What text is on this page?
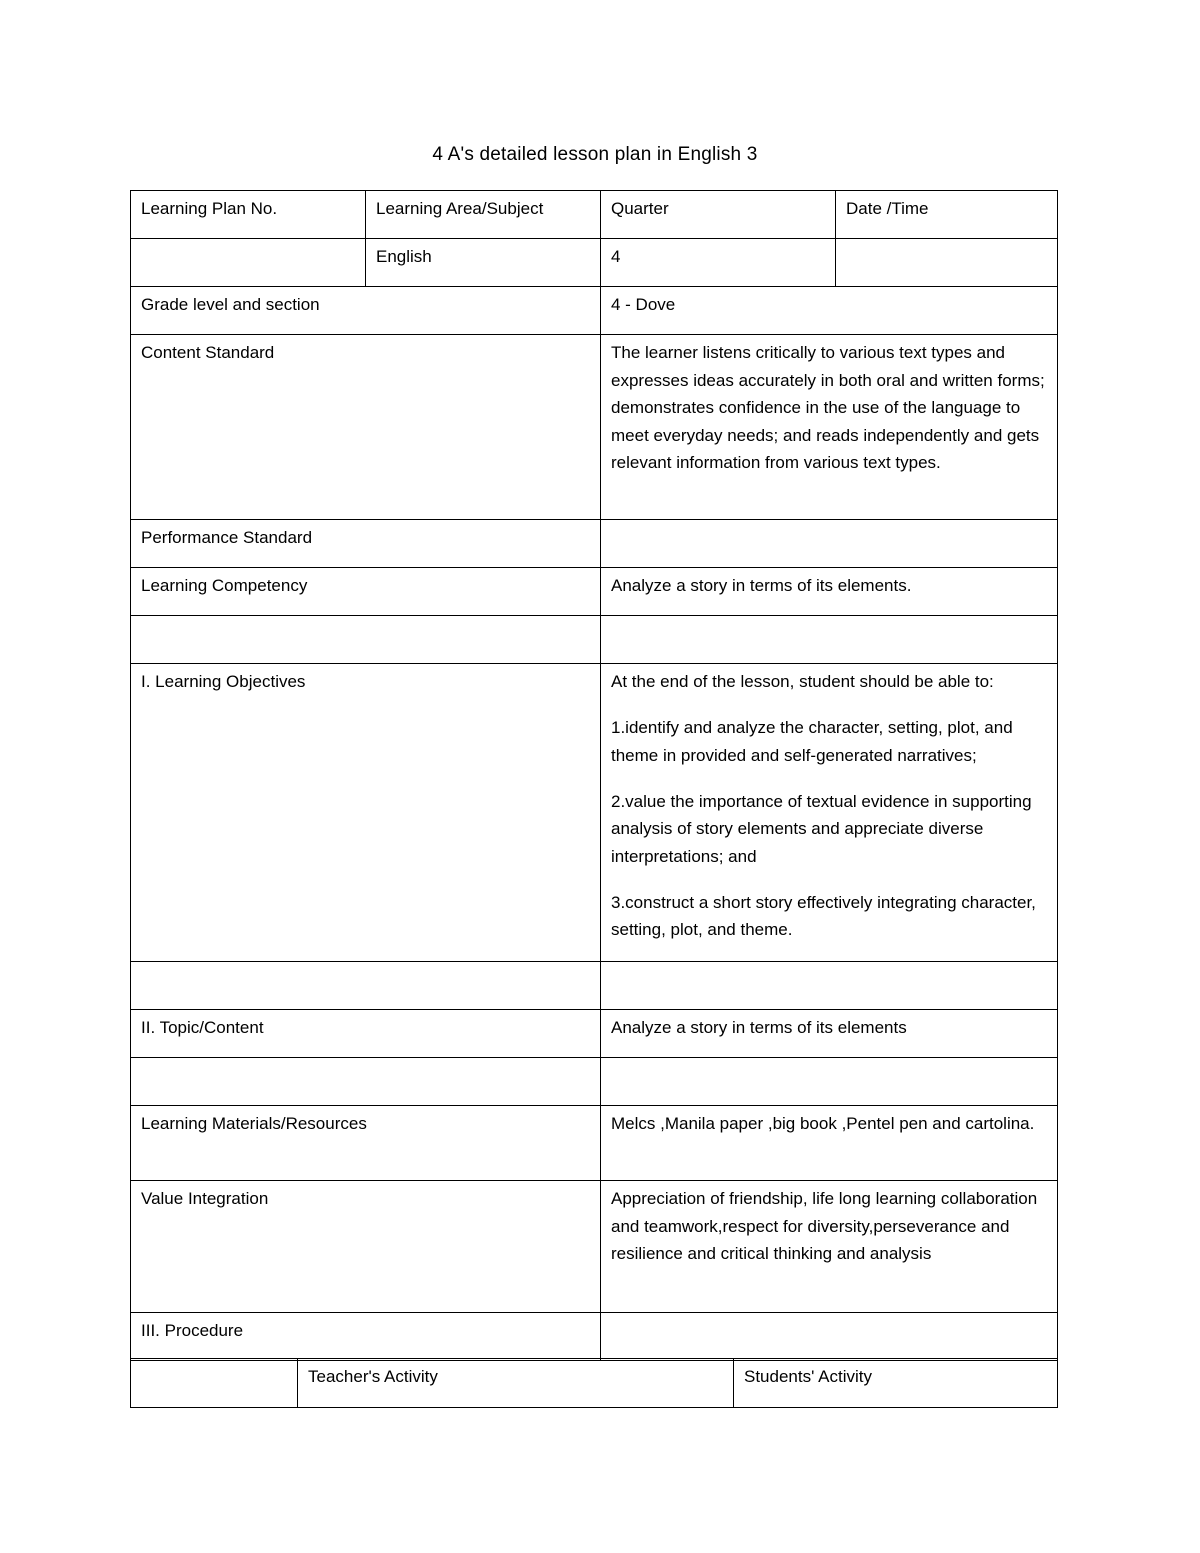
4 A's detailed lesson plan in English 3
Learning Plan No.	Learning Area/Subject	Quarter	Date /Time
	English	4	
Grade level and section		4 - Dove	
Content Standard		The learner listens critically to various text types and expresses ideas accurately in both oral and written forms; demonstrates confidence in the use of the language to meet everyday needs; and reads independently and gets relevant information from various text types.	
Performance Standard			
Learning Competency		Analyze a story in terms of its elements.	

I. Learning Objectives		At the end of the lesson, student should be able to:

1.identify and analyze the character, setting, plot, and theme in provided and self-generated narratives;

2.value the importance of textual evidence in supporting analysis of story elements and appreciate diverse interpretations; and

3.construct a short story effectively integrating character, setting, plot, and theme.	

II. Topic/Content		Analyze a story in terms of its elements	

Learning Materials/Resources		Melcs ,Manila paper ,big book ,Pentel pen and cartolina.	
Value Integration		Appreciation of friendship, life long learning collaboration and teamwork,respect for diversity,perseverance and resilience and critical thinking and analysis	
III. Procedure			
	Teacher's Activity	Students' Activity
